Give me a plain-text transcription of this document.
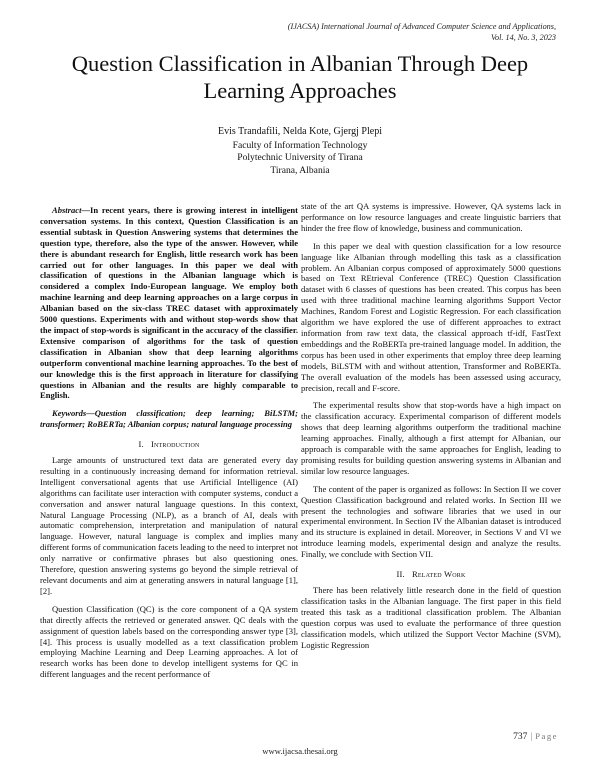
(IJACSA) International Journal of Advanced Computer Science and Applications,
Vol. 14, No. 3, 2023
Question Classification in Albanian Through Deep Learning Approaches
Evis Trandafili, Nelda Kote, Gjergj Plepi
Faculty of Information Technology
Polytechnic University of Tirana
Tirana, Albania

Abstract—In recent years, there is growing interest in intelligent conversation systems. In this context, Question Classification is an essential subtask in Question Answering systems that determines the question type, therefore, also the type of the answer. However, while there is abundant research for English, little research work has been carried out for other languages. In this paper we deal with classification of questions in the Albanian language which is considered a complex Indo-European language. We employ both machine learning and deep learning approaches on a large corpus in Albanian based on the six-class TREC dataset with approximately 5000 questions. Experiments with and without stop-words show that the impact of stop-words is significant in the accuracy of the classifier. Extensive comparison of algorithms for the task of question classification in Albanian show that deep learning algorithms outperform conventional machine learning approaches. To the best of our knowledge this is the first approach in literature for classifying questions in Albanian and the results are highly comparable to English.

Keywords—Question classification; deep learning; BiLSTM; transformer; RoBERTa; Albanian corpus; natural language processing

I. Introduction

Large amounts of unstructured text data are generated every day resulting in a continuously increasing demand for information retrieval. Intelligent conversational agents that use Artificial Intelligence (AI) algorithms can facilitate user interaction with computer systems, conduct a conversation and answer natural language questions. In this context, Natural Language Processing (NLP), as a branch of AI, deals with automatic comprehension, interpretation and manipulation of natural language. However, natural language is complex and implies many different forms of communication facets leading to the need to interpret not only narrative or confirmative phrases but also questioning ones. Therefore, question answering systems go beyond the simple retrieval of relevant documents and aim at generating answers in natural language [1], [2].

Question Classification (QC) is the core component of a QA system that directly affects the retrieved or generated answer. QC deals with the assignment of question labels based on the corresponding answer type [3], [4]. This process is usually modelled as a text classification problem employing Machine Learning and Deep Learning approaches. A lot of research works has been done to develop intelligent systems for QC in different languages and the recent performance of

state of the art QA systems is impressive. However, QA systems lack in performance on low resource languages and create linguistic barriers that hinder the free flow of knowledge, business and communication.

In this paper we deal with question classification for a low resource language like Albanian through modelling this task as a classification problem. An Albanian corpus composed of approximately 5000 questions based on Text REtrieval Conference (TREC) Question Classification dataset with 6 classes of questions has been created. This corpus has been used with three traditional machine learning algorithms Support Vector Machines, Random Forest and Logistic Regression. For each classification algorithm we have explored the use of different approaches to extract information from raw text data, the classical approach tf-idf, FastText embeddings and the RoBERTa pre-trained language model. In addition, the corpus has been used in other experiments that employ three deep learning models, BiLSTM with and without attention, Transformer and RoBERTa. The overall evaluation of the models has been assessed using accuracy, precision, recall and F-score.

The experimental results show that stop-words have a high impact on the classification accuracy. Experimental comparison of different models shows that deep learning algorithms outperform the traditional machine learning approaches. Finally, although a first attempt for Albanian, our approach is comparable with the same approaches for English, leading to promising results for building question answering systems in Albanian and similar low resource languages.

The content of the paper is organized as follows: In Section II we cover Question Classification background and related works. In Section III we present the technologies and software libraries that we used in our experimental environment. In Section IV the Albanian dataset is introduced and its structure is explained in detail. Moreover, in Sections V and VI we introduce learning models, experimental design and analyze the results. Finally, we conclude with Section VII.

II. Related Work

There has been relatively little research done in the field of question classification tasks in the Albanian language. The first paper in this field treated this task as a traditional classification problem. The Albanian question corpus was used to evaluate the performance of three question classification models, which utilized the Support Vector Machine (SVM), Logistic Regression

737 | Page
www.ijacsa.thesai.org
